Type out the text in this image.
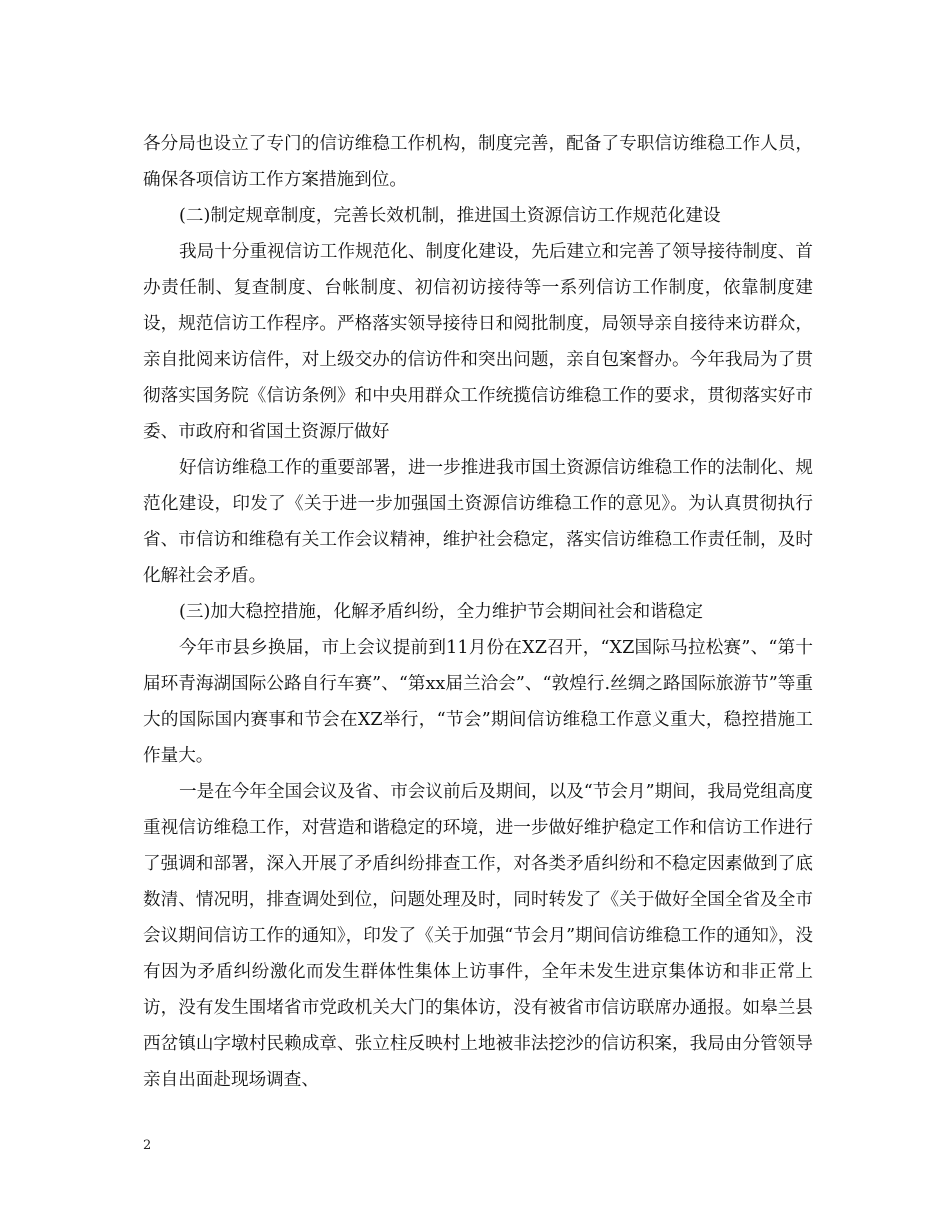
各分局也设立了专门的信访维稳工作机构，制度完善，配备了专职信访维稳工作人员，确保各项信访工作方案措施到位。

(二)制定规章制度，完善长效机制，推进国土资源信访工作规范化建设

我局十分重视信访工作规范化、制度化建设，先后建立和完善了领导接待制度、首办责任制、复查制度、台帐制度、初信初访接待等一系列信访工作制度，依靠制度建设，规范信访工作程序。严格落实领导接待日和阅批制度，局领导亲自接待来访群众，亲自批阅来访信件，对上级交办的信访件和突出问题，亲自包案督办。今年我局为了贯彻落实国务院《信访条例》和中央用群众工作统揽信访维稳工作的要求，贯彻落实好市委、市政府和省国土资源厅做好

好信访维稳工作的重要部署，进一步推进我市国土资源信访维稳工作的法制化、规范化建设，印发了《关于进一步加强国土资源信访维稳工作的意见》。为认真贯彻执行省、市信访和维稳有关工作会议精神，维护社会稳定，落实信访维稳工作责任制，及时化解社会矛盾。

(三)加大稳控措施，化解矛盾纠纷，全力维护节会期间社会和谐稳定

今年市县乡换届，市上会议提前到11月份在XZ召开，“XZ国际马拉松赛”、“第十届环青海湖国际公路自行车赛”、“第xx届兰洽会”、“敦煌行.丝绸之路国际旅游节”等重大的国际国内赛事和节会在XZ举行，“节会”期间信访维稳工作意义重大，稳控措施工作量大。

一是在今年全国会议及省、市会议前后及期间，以及“节会月”期间，我局党组高度重视信访维稳工作，对营造和谐稳定的环境，进一步做好维护稳定工作和信访工作进行了强调和部署，深入开展了矛盾纠纷排查工作，对各类矛盾纠纷和不稳定因素做到了底数清、情况明，排查调处到位，问题处理及时，同时转发了《关于做好全国全省及全市会议期间信访工作的通知》，印发了《关于加强“节会月”期间信访维稳工作的通知》，没有因为矛盾纠纷激化而发生群体性集体上访事件，全年未发生进京集体访和非正常上访，没有发生围堵省市党政机关大门的集体访，没有被省市信访联席办通报。如皋兰县西岔镇山字墩村民赖成章、张立柱反映村上地被非法挖沙的信访积案，我局由分管领导亲自出面赴现场调查、

2
